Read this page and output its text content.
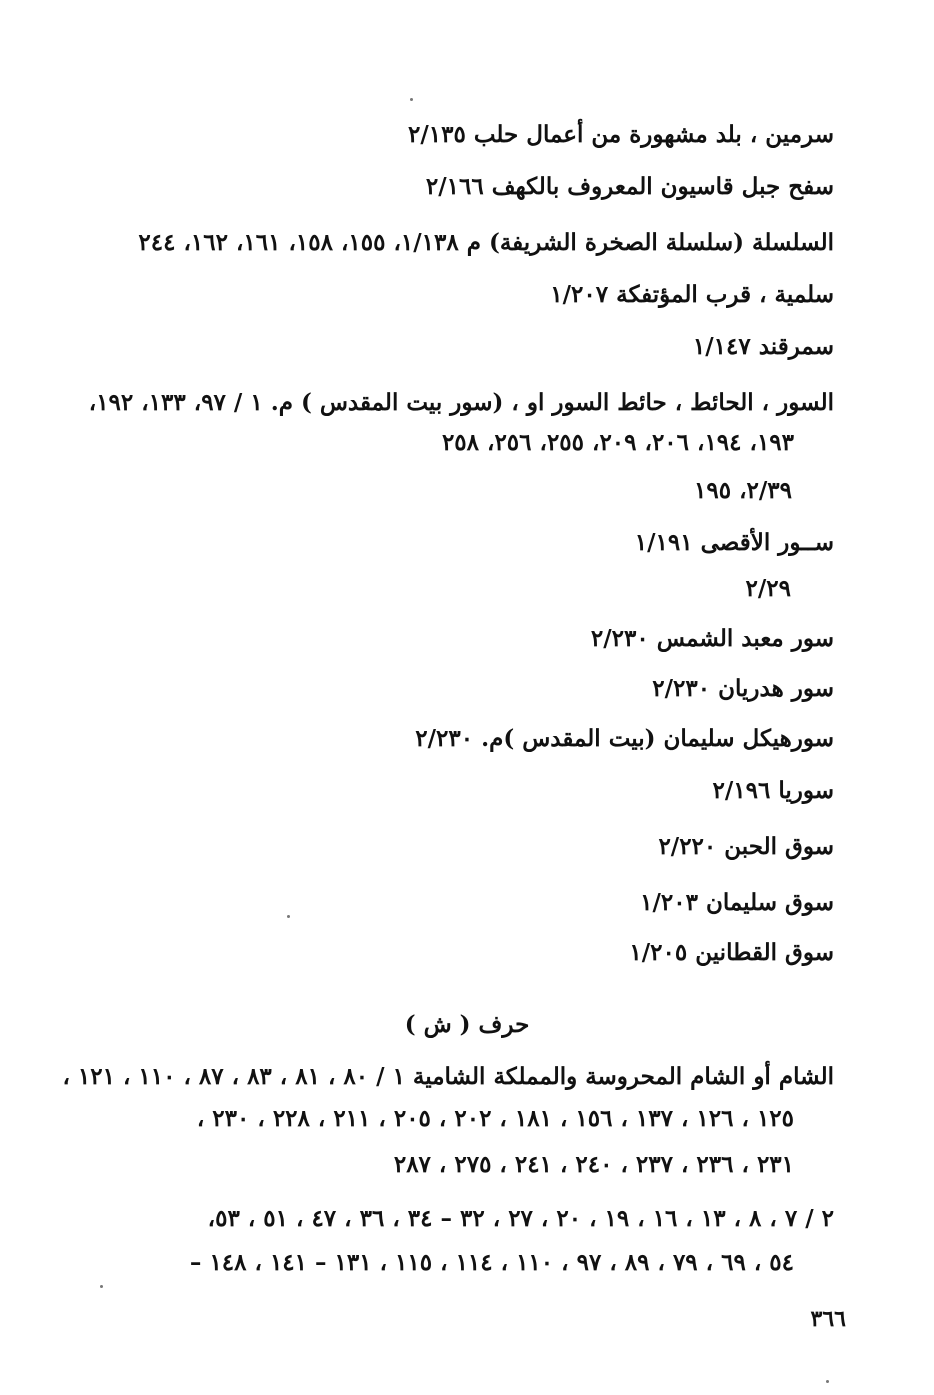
سرمين ، بلد مشهورة من أعمال حلب ٢/١٣٥
سفح جبل قاسيون المعروف بالكهف ٢/١٦٦
السلسلة (سلسلة الصخرة الشريفة) م ١/١٣٨، ١٥٥، ١٥٨، ١٦١، ١٦٢، ٢٤٤
سلمية ، قرب المؤتفكة ١/٢٠٧
سمرقند ١/١٤٧
السور ، الحائط ، حائط السور او ، (سور بيت المقدس ) م. ١ / ٩٧، ١٣٣، ١٩٢،
١٩٣، ١٩٤، ٢٠٦، ٢٠٩، ٢٥٥، ٢٥٦، ٢٥٨
٢/٣٩، ١٩٥
ســور الأقصى ١/١٩١
٢/٢٩
سور معبد الشمس ٢/٢٣٠
سور هدريان ٢/٢٣٠
سورهيكل سليمان (بيت المقدس )م. ٢/٢٣٠
سوريا ٢/١٩٦
سوق الحبن ٢/٢٢٠
سوق سليمان ١/٢٠٣
سوق القطانين ١/٢٠٥
حرف ( ش )
الشام أو الشام المحروسة والمملكة الشامية ١ / ٨٠ ، ٨١ ، ٨٣ ، ٨٧ ، ١١٠ ، ١٢١ ،
١٢٥ ، ١٢٦ ، ١٣٧ ، ١٥٦ ، ١٨١ ، ٢٠٢ ، ٢٠٥ ، ٢١١ ، ٢٢٨ ، ٢٣٠ ،
٢٣١ ، ٢٣٦ ، ٢٣٧ ، ٢٤٠ ، ٢٤١ ، ٢٧٥ ، ٢٨٧
٢ / ٧ ، ٨ ، ١٣ ، ١٦ ، ١٩ ، ٢٠ ، ٢٧ ، ٣٢ – ٣٤ ، ٣٦ ، ٤٧ ، ٥١ ، ٥٣،
٥٤ ، ٦٩ ، ٧٩ ، ٨٩ ، ٩٧ ، ١١٠ ، ١١٤ ، ١١٥ ، ١٣١ – ١٤١ ، ١٤٨ –
٣٦٦
